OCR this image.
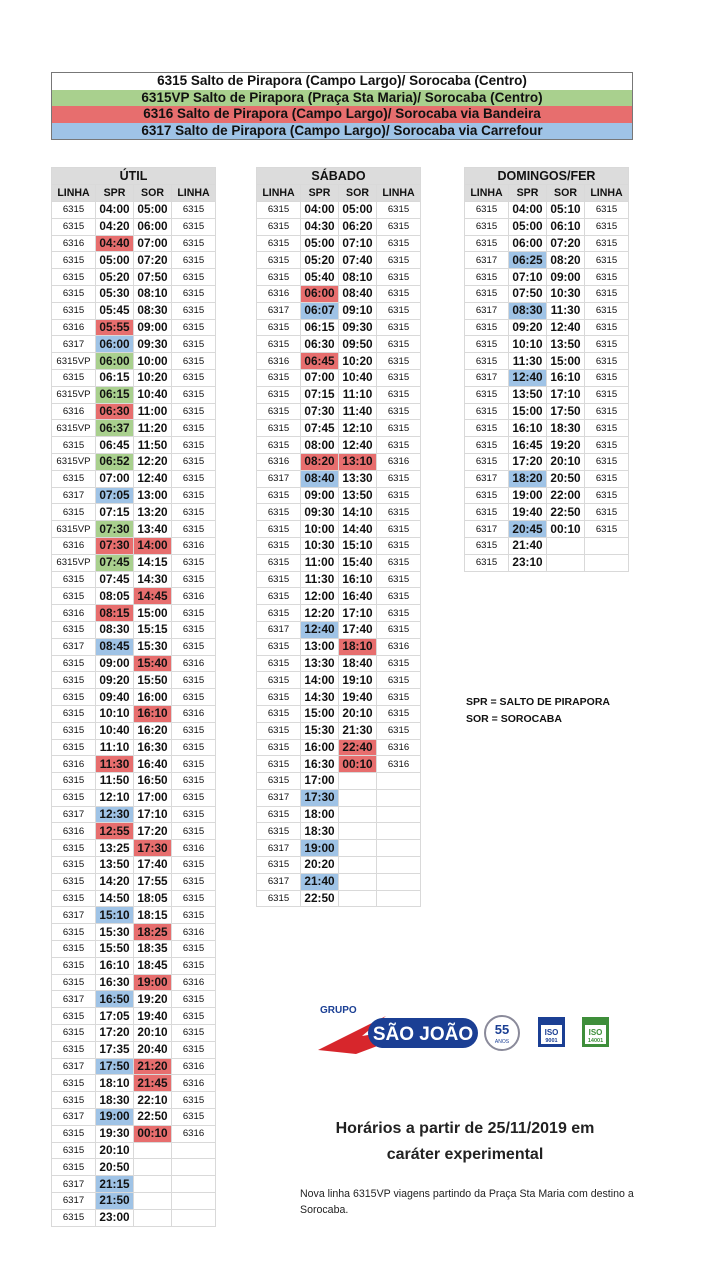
6315 Salto de Pirapora (Campo Largo)/ Sorocaba (Centro)
6315VP Salto de Pirapora (Praça Sta Maria)/ Sorocaba (Centro)
6316 Salto de Pirapora (Campo Largo)/ Sorocaba via Bandeira
6317 Salto de Pirapora (Campo Largo)/ Sorocaba via Carrefour
ÚTIL			
LINHA	SPR	SOR	LINHA
6315	04:00	05:00	6315
6315	04:20	06:00	6315
6316	04:40	07:00	6315
6315	05:00	07:20	6315
6315	05:20	07:50	6315
6315	05:30	08:10	6315
6315	05:45	08:30	6315
6316	05:55	09:00	6315
6317	06:00	09:30	6315
6315VP	06:00	10:00	6315
6315	06:15	10:20	6315
6315VP	06:15	10:40	6315
6316	06:30	11:00	6315
6315VP	06:37	11:20	6315
6315	06:45	11:50	6315
6315VP	06:52	12:20	6315
6315	07:00	12:40	6315
6317	07:05	13:00	6315
6315	07:15	13:20	6315
6315VP	07:30	13:40	6315
6316	07:30	14:00	6316
6315VP	07:45	14:15	6315
6315	07:45	14:30	6315
6315	08:05	14:45	6316
6316	08:15	15:00	6315
6315	08:30	15:15	6315
6317	08:45	15:30	6315
6315	09:00	15:40	6316
6315	09:20	15:50	6315
6315	09:40	16:00	6315
6315	10:10	16:10	6316
6315	10:40	16:20	6315
6315	11:10	16:30	6315
6316	11:30	16:40	6315
6315	11:50	16:50	6315
6315	12:10	17:00	6315
6317	12:30	17:10	6315
6316	12:55	17:20	6315
6315	13:25	17:30	6316
6315	13:50	17:40	6315
6315	14:20	17:55	6315
6315	14:50	18:05	6315
6317	15:10	18:15	6315
6315	15:30	18:25	6316
6315	15:50	18:35	6315
6315	16:10	18:45	6315
6315	16:30	19:00	6316
6317	16:50	19:20	6315
6315	17:05	19:40	6315
6315	17:20	20:10	6315
6315	17:35	20:40	6315
6317	17:50	21:20	6316
6315	18:10	21:45	6316
6315	18:30	22:10	6315
6317	19:00	22:50	6315
6315	19:30	00:10	6316
6315	20:10		
6315	20:50		
6317	21:15		
6317	21:50		
6315	23:00		
SÁBADO			
LINHA	SPR	SOR	LINHA
6315	04:00	05:00	6315
6315	04:30	06:20	6315
6315	05:00	07:10	6315
6315	05:20	07:40	6315
6315	05:40	08:10	6315
6316	06:00	08:40	6315
6317	06:07	09:10	6315
6315	06:15	09:30	6315
6315	06:30	09:50	6315
6316	06:45	10:20	6315
6315	07:00	10:40	6315
6315	07:15	11:10	6315
6315	07:30	11:40	6315
6315	07:45	12:10	6315
6315	08:00	12:40	6315
6316	08:20	13:10	6316
6317	08:40	13:30	6315
6315	09:00	13:50	6315
6315	09:30	14:10	6315
6315	10:00	14:40	6315
6315	10:30	15:10	6315
6315	11:00	15:40	6315
6315	11:30	16:10	6315
6315	12:00	16:40	6315
6315	12:20	17:10	6315
6317	12:40	17:40	6315
6315	13:00	18:10	6316
6315	13:30	18:40	6315
6315	14:00	19:10	6315
6315	14:30	19:40	6315
6315	15:00	20:10	6315
6315	15:30	21:30	6315
6315	16:00	22:40	6316
6315	16:30	00:10	6316
6315	17:00		
6317	17:30		
6315	18:00		
6315	18:30		
6317	19:00		
6315	20:20		
6317	21:40		
6315	22:50		
DOMINGOS/FER			
LINHA	SPR	SOR	LINHA
6315	04:00	05:10	6315
6315	05:00	06:10	6315
6315	06:00	07:20	6315
6317	06:25	08:20	6315
6315	07:10	09:00	6315
6315	07:50	10:30	6315
6317	08:30	11:30	6315
6315	09:20	12:40	6315
6315	10:10	13:50	6315
6315	11:30	15:00	6315
6317	12:40	16:10	6315
6315	13:50	17:10	6315
6315	15:00	17:50	6315
6315	16:10	18:30	6315
6315	16:45	19:20	6315
6315	17:20	20:10	6315
6317	18:20	20:50	6315
6315	19:00	22:00	6315
6315	19:40	22:50	6315
6317	20:45	00:10	6315
6315	21:40		
6315	23:10		
SPR = SALTO DE PIRAPORA
SOR = SOROCABA
GRUPO
SÃO JOÃO 55
ANOS
ISO
9001
ISO
14001
Horários a partir de 25/11/2019 em
caráter experimental
Nova linha 6315VP viagens partindo da Praça Sta Maria com destino a Sorocaba.
